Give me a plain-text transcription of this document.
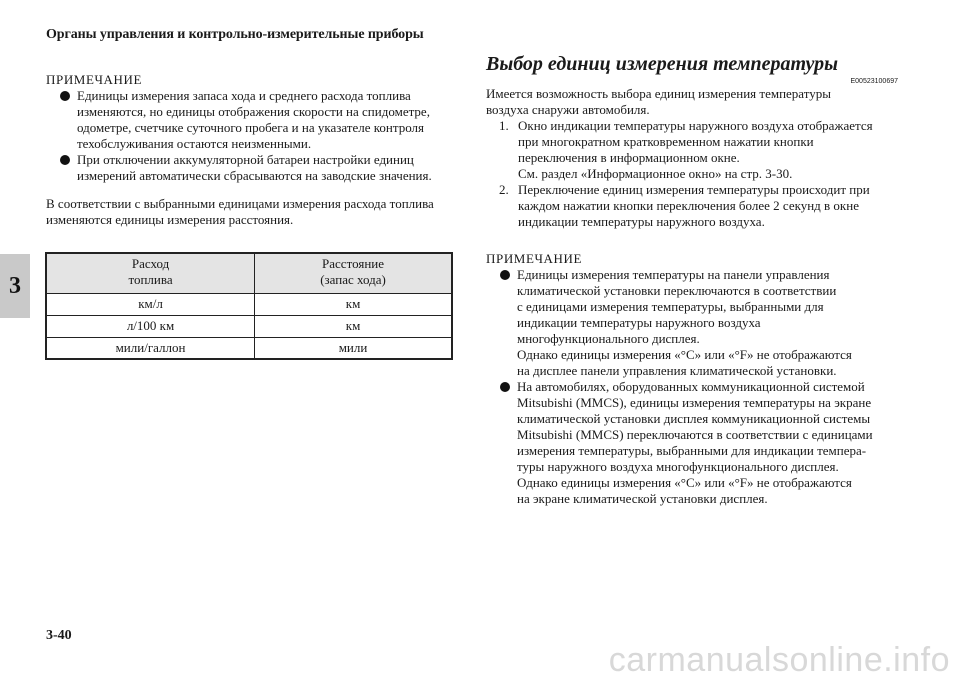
Органы управления и контрольно-измерительные приборы
3

ПРИМЕЧАНИЕ

Единицы измерения запаса хода и среднего расхода топлива
изменяются, но единицы отображения скорости на спидометре,
одометре, счетчике суточного пробега и на указателе контроля
техобслуживания остаются неизменными.
При отключении аккумуляторной батареи настройки единиц
измерений автоматически сбрасываются на заводские значения.

В соответствии с выбранными единицами измерения расхода топлива
изменяются единицы измерения расстояния.

Расход
топлива	Расстояние
(запас хода)
км/л	км
л/100 км	км
мили/галлон	мили
Выбор единиц измерения температуры
E00523100697

Имеется возможность выбора единиц измерения температуры
воздуха снаружи автомобиля.

1. Окно индикации температуры наружного воздуха отображается
при многократном кратковременном нажатии кнопки
переключения в информационном окне.
См. раздел «Информационное окно» на стр. 3-30.
2. Переключение единиц измерения температуры происходит при
каждом нажатии кнопки переключения более 2 секунд в окне
индикации температуры наружного воздуха.

ПРИМЕЧАНИЕ

Единицы измерения температуры на панели управления
климатической установки переключаются в соответствии
с единицами измерения температуры, выбранными для
индикации температуры наружного воздуха
многофункционального дисплея.
Однако единицы измерения «°C» или «°F» не отображаются
на дисплее панели управления климатической установки.
На автомобилях, оборудованных коммуникационной системой
Mitsubishi (MMCS), единицы измерения температуры на экране
климатической установки дисплея коммуникационной системы
Mitsubishi (MMCS) переключаются в соответствии с единицами
измерения температуры, выбранными для индикации темпера-
туры наружного воздуха многофункционального дисплея.
Однако единицы измерения «°C» или «°F» не отображаются
на экране климатической установки дисплея.
3-40
carmanualsonline.info
